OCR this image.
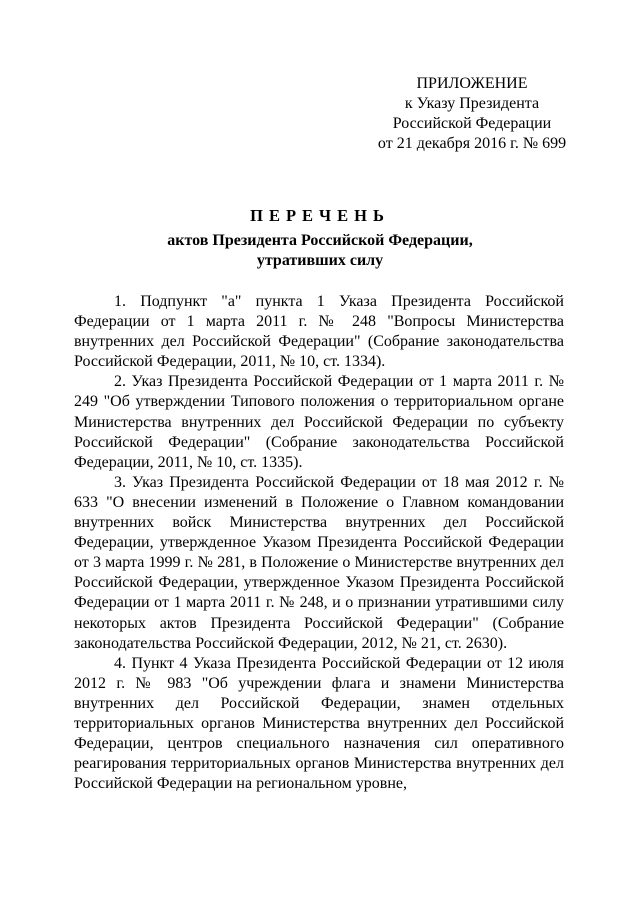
ПРИЛОЖЕНИЕ
к Указу Президента
Российской Федерации
от 21 декабря 2016 г. № 699
ПЕРЕЧЕНЬ
актов Президента Российской Федерации,
утративших силу

1. Подпункт "а" пункта 1 Указа Президента Российской Федерации от 1 марта 2011 г. № 248 "Вопросы Министерства внутренних дел Российской Федерации" (Собрание законодательства Российской Федерации, 2011, № 10, ст. 1334).

2. Указ Президента Российской Федерации от 1 марта 2011 г. № 249 "Об утверждении Типового положения о территориальном органе Министерства внутренних дел Российской Федерации по субъекту Российской Федерации" (Собрание законодательства Российской Федерации, 2011, № 10, ст. 1335).

3. Указ Президента Российской Федерации от 18 мая 2012 г. № 633 "О внесении изменений в Положение о Главном командовании внутренних войск Министерства внутренних дел Российской Федерации, утвержденное Указом Президента Российской Федерации от 3 марта 1999 г. № 281, в Положение о Министерстве внутренних дел Российской Федерации, утвержденное Указом Президента Российской Федерации от 1 марта 2011 г. № 248, и о признании утратившими силу некоторых актов Президента Российской Федерации" (Собрание законодательства Российской Федерации, 2012, № 21, ст. 2630).

4. Пункт 4 Указа Президента Российской Федерации от 12 июля 2012 г. № 983 "Об учреждении флага и знамени Министерства внутренних дел Российской Федерации, знамен отдельных территориальных органов Министерства внутренних дел Российской Федерации, центров специального назначения сил оперативного реагирования территориальных органов Министерства внутренних дел Российской Федерации на региональном уровне,
